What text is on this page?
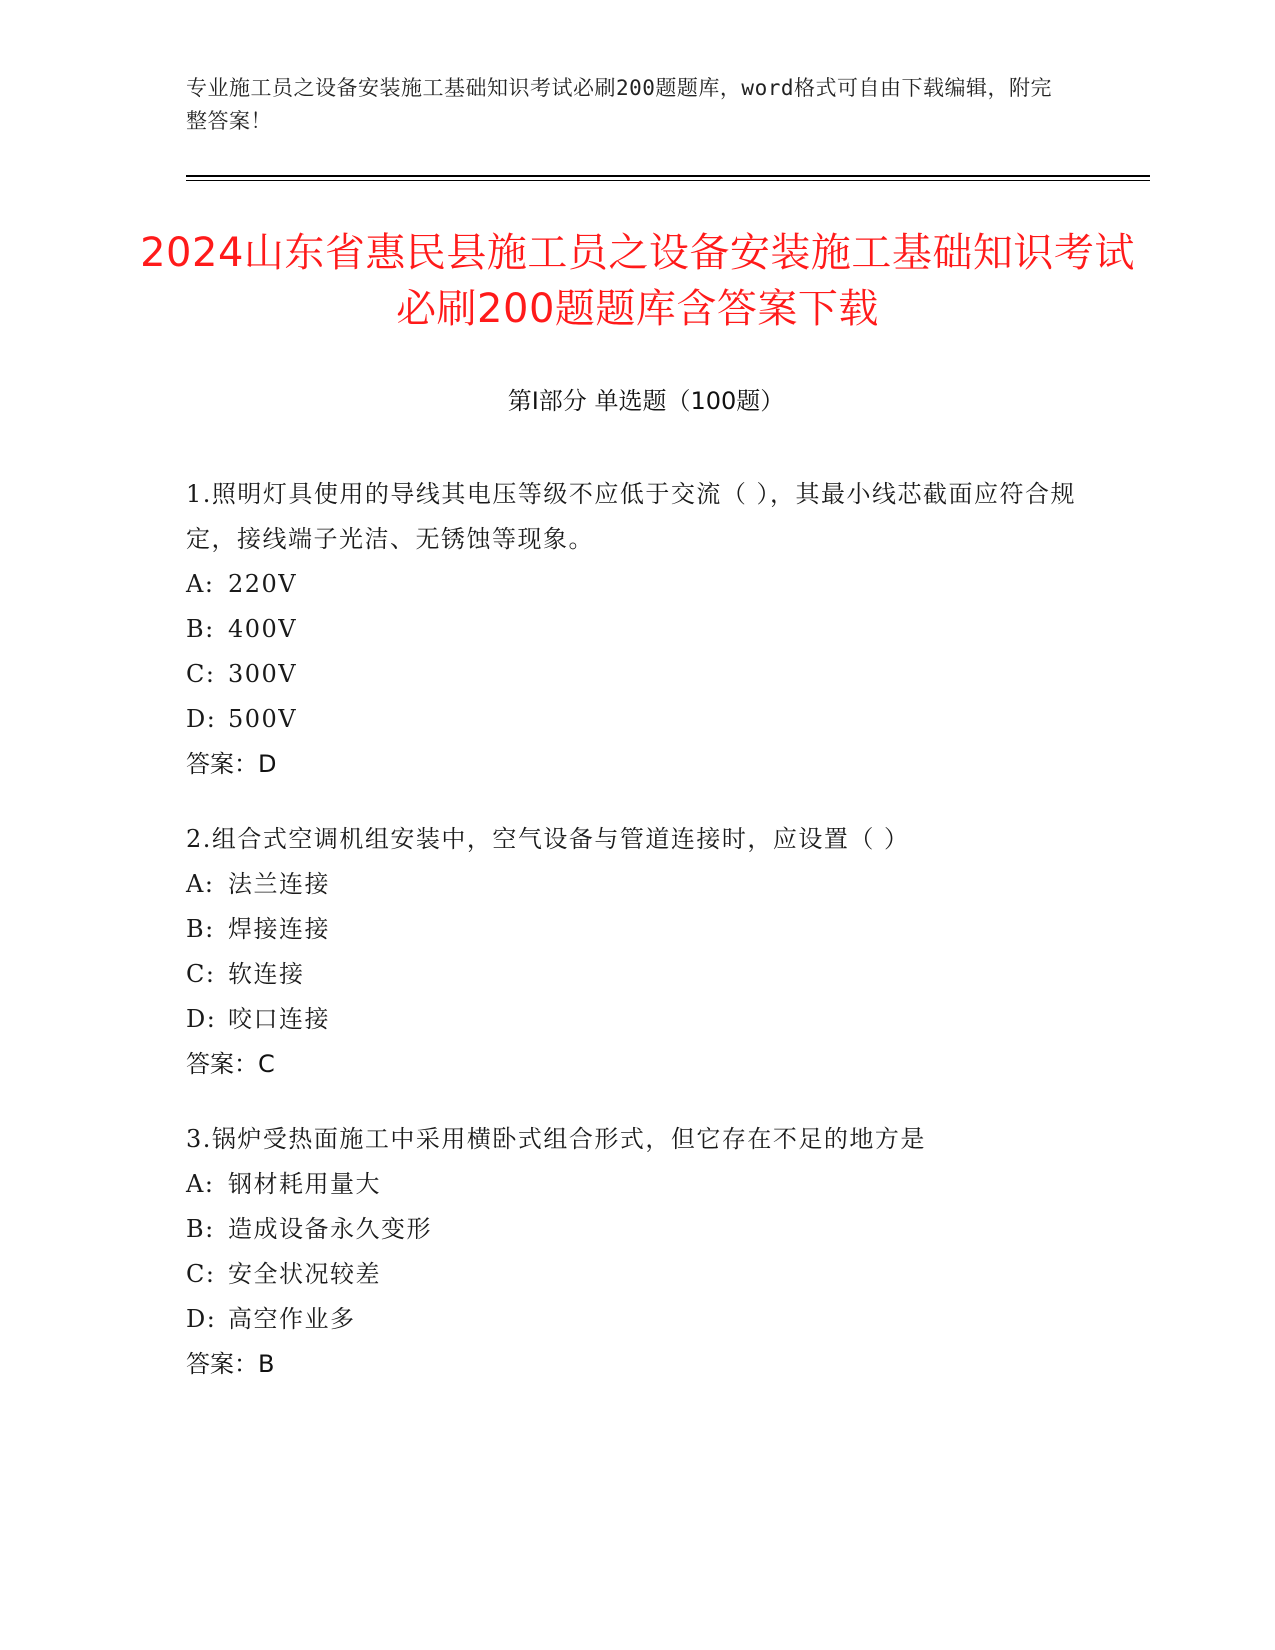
专业施工员之设备安装施工基础知识考试必刷200题题库，word格式可自由下载编辑，附完整答案！
2024山东省惠民县施工员之设备安装施工基础知识考试必刷200题题库含答案下载
第I部分 单选题（100题）
1.照明灯具使用的导线其电压等级不应低于交流（ ），其最小线芯截面应符合规定，接线端子光洁、无锈蚀等现象。
A: 220V
B: 400V
C: 300V
D: 500V
答案：D
2.组合式空调机组安装中，空气设备与管道连接时，应设置（ ）
A: 法兰连接
B: 焊接连接
C: 软连接
D: 咬口连接
答案：C
3.锅炉受热面施工中采用横卧式组合形式，但它存在不足的地方是
A: 钢材耗用量大
B: 造成设备永久变形
C: 安全状况较差
D: 高空作业多
答案：B
